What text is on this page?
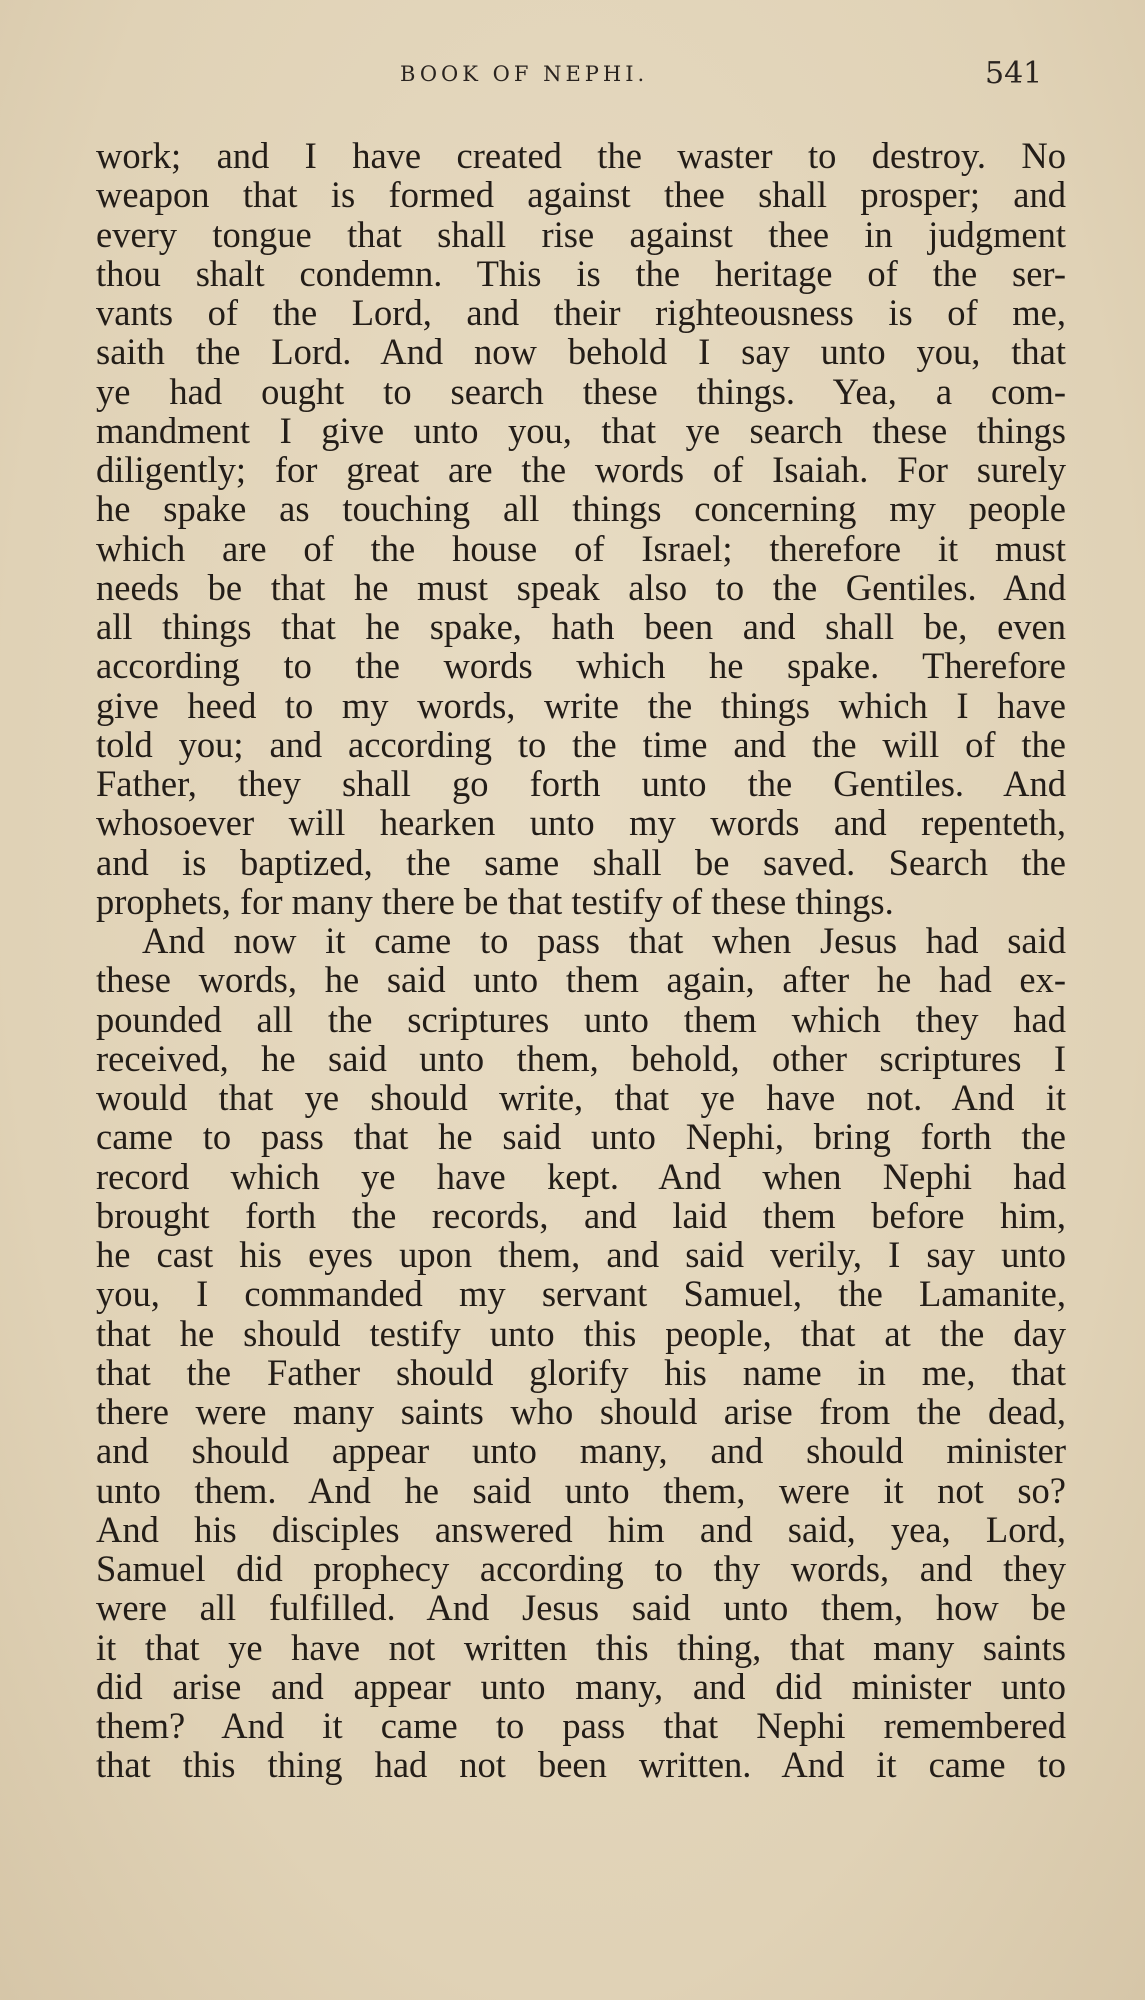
BOOK OF NEPHI.	541
work; and I have created the waster to destroy. No
weapon that is formed against thee shall prosper; and
every tongue that shall rise against thee in judgment
thou shalt condemn. This is the heritage of the ser-
vants of the Lord, and their righteousness is of me,
saith the Lord. And now behold I say unto you, that
ye had ought to search these things. Yea, a com-
mandment I give unto you, that ye search these things
diligently; for great are the words of Isaiah. For surely
he spake as touching all things concerning my people
which are of the house of Israel; therefore it must
needs be that he must speak also to the Gentiles. And
all things that he spake, hath been and shall be, even
according to the words which he spake. Therefore
give heed to my words, write the things which I have
told you; and according to the time and the will of the
Father, they shall go forth unto the Gentiles. And
whosoever will hearken unto my words and repenteth,
and is baptized, the same shall be saved. Search the
prophets, for many there be that testify of these things.
And now it came to pass that when Jesus had said
these words, he said unto them again, after he had ex-
pounded all the scriptures unto them which they had
received, he said unto them, behold, other scriptures I
would that ye should write, that ye have not. And it
came to pass that he said unto Nephi, bring forth the
record which ye have kept. And when Nephi had
brought forth the records, and laid them before him,
he cast his eyes upon them, and said verily, I say unto
you, I commanded my servant Samuel, the Lamanite,
that he should testify unto this people, that at the day
that the Father should glorify his name in me, that
there were many saints who should arise from the dead,
and should appear unto many, and should minister
unto them. And he said unto them, were it not so?
And his disciples answered him and said, yea, Lord,
Samuel did prophecy according to thy words, and they
were all fulfilled. And Jesus said unto them, how be
it that ye have not written this thing, that many saints
did arise and appear unto many, and did minister unto
them? And it came to pass that Nephi remembered
that this thing had not been written. And it came to
